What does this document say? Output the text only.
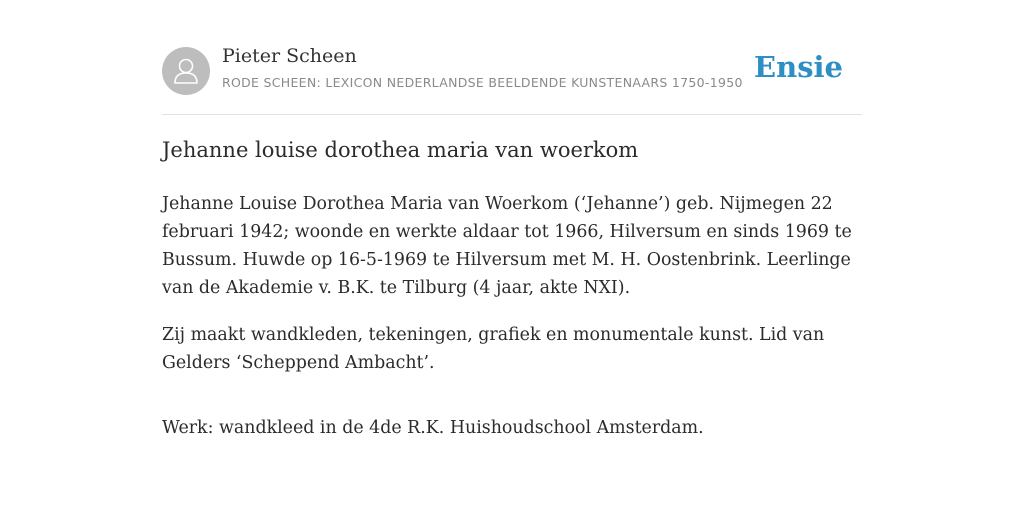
Pieter Scheen
RODE SCHEEN: LEXICON NEDERLANDSE BEELDENDE KUNSTENAARS 1750-1950 Ensie
Jehanne louise dorothea maria van woerkom

Jehanne Louise Dorothea Maria van Woerkom (‘Jehanne’) geb. Nijmegen 22 februari 1942; woonde en werkte aldaar tot 1966, Hilversum en sinds 1969 te Bussum. Huwde op 16-5-1969 te Hilversum met M. H. Oostenbrink. Leerlinge van de Akademie v. B.K. te Tilburg (4 jaar, akte NXI).

Zij maakt wandkleden, tekeningen, grafiek en monumentale kunst. Lid van Gelders ‘Scheppend Ambacht’.

Werk: wandkleed in de 4de R.K. Huishoudschool Amsterdam.
